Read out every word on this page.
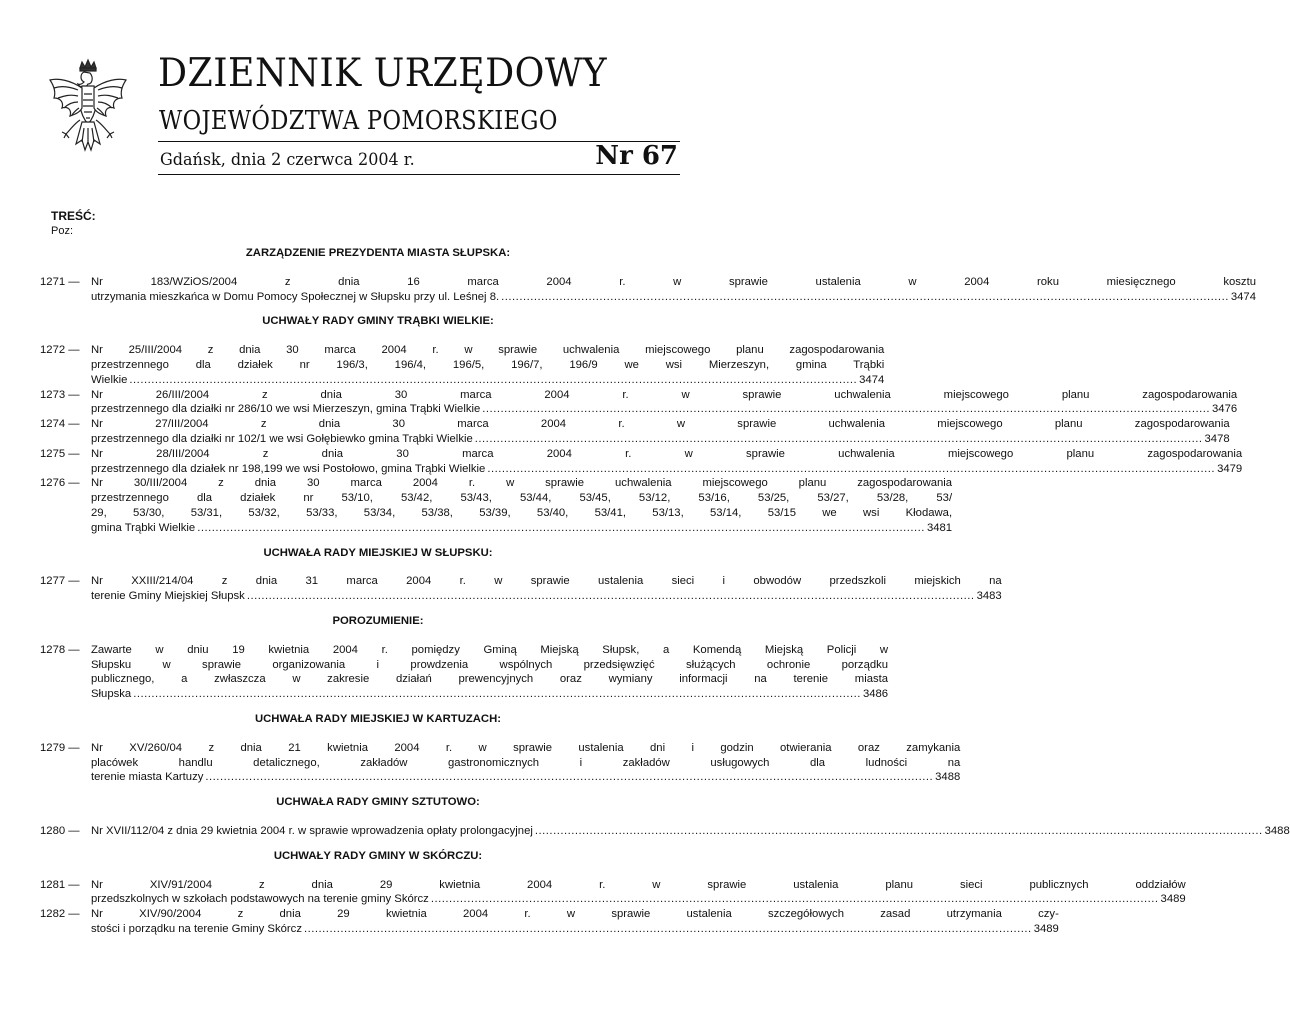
DZIENNIK URZĘDOWY
WOJEWÓDZTWA POMORSKIEGO
Gdańsk, dnia 2 czerwca 2004 r.	Nr 67
TREŚĆ:
Poz:
ZARZĄDZENIE PREZYDENTA MIASTA SŁUPSKA:
1271 —	Nr 183/WZiOS/2004 z dnia 16 marca 2004 r. w sprawie ustalenia w 2004 roku miesięcznego kosztu
utrzymania mieszkańca w Domu Pomocy Społecznej w Słupsku przy ul. Leśnej 8. ........................................................................................................................................................................................................ 3474
UCHWAŁY RADY GMINY TRĄBKI WIELKIE:
1272 —	Nr 25/III/2004 z dnia 30 marca 2004 r. w sprawie uchwalenia miejscowego planu zagospodarowania
przestrzennego dla działek nr 196/3, 196/4, 196/5, 196/7, 196/9 we wsi Mierzeszyn, gmina Trąbki
Wielkie ........................................................................................................................................................................................................ 3474
1273 —	Nr 26/III/2004 z dnia 30 marca 2004 r. w sprawie uchwalenia miejscowego planu zagospodarowania
przestrzennego dla działki nr 286/10 we wsi Mierzeszyn, gmina Trąbki Wielkie ........................................................................................................................................................................................................ 3476
1274 —	Nr 27/III/2004 z dnia 30 marca 2004 r. w sprawie uchwalenia miejscowego planu zagospodarowania
przestrzennego dla działki nr 102/1 we wsi Gołębiewko gmina Trąbki Wielkie ........................................................................................................................................................................................................ 3478
1275 —	Nr 28/III/2004 z dnia 30 marca 2004 r. w sprawie uchwalenia miejscowego planu zagospodarowania
przestrzennego dla działek nr 198,199 we wsi Postołowo, gmina Trąbki Wielkie ........................................................................................................................................................................................................ 3479
1276 —	Nr 30/III/2004 z dnia 30 marca 2004 r. w sprawie uchwalenia miejscowego planu zagospodarowania
przestrzennego dla działek nr 53/10, 53/42, 53/43, 53/44, 53/45, 53/12, 53/16, 53/25, 53/27, 53/28, 53/
29, 53/30, 53/31, 53/32, 53/33, 53/34, 53/38, 53/39, 53/40, 53/41, 53/13, 53/14, 53/15 we wsi Kłodawa,
gmina Trąbki Wielkie ........................................................................................................................................................................................................ 3481
UCHWAŁA RADY MIEJSKIEJ W SŁUPSKU:
1277 —	Nr XXIII/214/04 z dnia 31 marca 2004 r. w sprawie ustalenia sieci i obwodów przedszkoli miejskich na
terenie Gminy Miejskiej Słupsk ........................................................................................................................................................................................................ 3483
POROZUMIENIE:
1278 —	Zawarte w dniu 19 kwietnia 2004 r. pomiędzy Gminą Miejską Słupsk, a Komendą Miejską Policji w
Słupsku w sprawie organizowania i prowdzenia wspólnych przedsięwzięć służących ochronie porządku
publicznego, a zwłaszcza w zakresie działań prewencyjnych oraz wymiany informacji na terenie miasta
Słupska ........................................................................................................................................................................................................ 3486
UCHWAŁA RADY MIEJSKIEJ W KARTUZACH:
1279 —	Nr XV/260/04 z dnia 21 kwietnia 2004 r. w sprawie ustalenia dni i godzin otwierania oraz zamykania
placówek handlu detalicznego, zakładów gastronomicznych i zakładów usługowych dla ludności na
terenie miasta Kartuzy ........................................................................................................................................................................................................ 3488
UCHWAŁA RADY GMINY SZTUTOWO:
1280 —	Nr XVII/112/04 z dnia 29 kwietnia 2004 r. w sprawie wprowadzenia opłaty prolongacyjnej ........................................................................................................................................................................................................ 3488
UCHWAŁY RADY GMINY W SKÓRCZU:
1281 —	Nr XIV/91/2004 z dnia 29 kwietnia 2004 r. w sprawie ustalenia planu sieci publicznych oddziałów
przedszkolnych w szkołach podstawowych na terenie gminy Skórcz ........................................................................................................................................................................................................ 3489
1282 —	Nr XIV/90/2004 z dnia 29 kwietnia 2004 r. w sprawie ustalenia szczegółowych zasad utrzymania czy-
stości i porządku na terenie Gminy Skórcz ........................................................................................................................................................................................................ 3489
